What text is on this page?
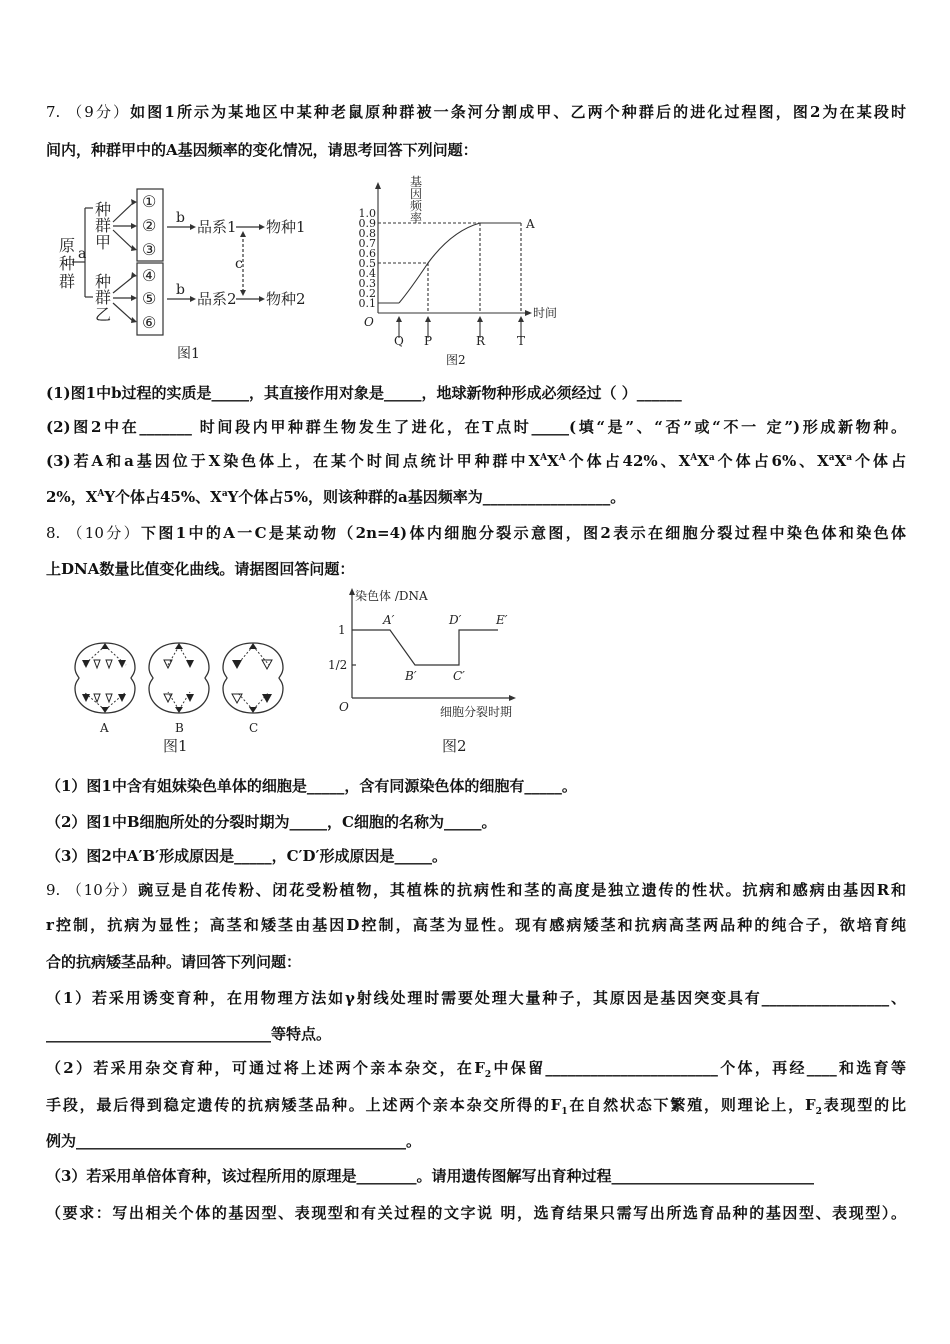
7. （9分）如图1所示为某地区中某种老鼠原种群被一条河分割成甲、乙两个种群后的进化过程图，图2为在某段时
间内，种群甲中的A基因频率的变化情况，请思考回答下列问题：
(1)图1中b过程的实质是_____，其直接作用对象是_____，地球新物种形成必须经过（ ）______
(2)图2中在_______ 时间段内甲种群生物发生了进化，在T点时_____(填“是”、“否”或“不一 定”)形成新物种。
(3)若A和a基因位于X染色体上，在某个时间点统计甲种群中$X^AX^A$个体占42%、$X^AX^a$个体占6%、$X^aX^a$个体占
2%，$X^AY$个体占45%、$X^aY$个体占5%，则该种群的a基因频率为_________________。
8. （10分）下图1中的A一C是某动物（2n=4)体内细胞分裂示意图，图2表示在细胞分裂过程中染色体和染色体
上DNA数量比值变化曲线。请据图回答问题：
（1）图1中含有姐妹染色单体的细胞是_____，含有同源染色体的细胞有_____。
（2）图1中B细胞所处的分裂时期为_____，C细胞的名称为_____。
（3）图2中A′B′形成原因是_____，C′D′形成原因是_____。
9. （10分）豌豆是自花传粉、闭花受粉植物，其植株的抗病性和茎的高度是独立遗传的性状。抗病和感病由基因R和
r控制，抗病为显性；高茎和矮茎由基因D控制，高茎为显性。现有感病矮茎和抗病高茎两品种的纯合子，欲培育纯
合的抗病矮茎品种。请回答下列问题：
（1）若采用诱变育种，在用物理方法如γ射线处理时需要处理大量种子，其原因是基因突变具有_________________、
______________________________等特点。
（2）若采用杂交育种，可通过将上述两个亲本杂交，在$F_2$中保留_______________________个体，再经____和选育等
手段，最后得到稳定遗传的抗病矮茎品种。上述两个亲本杂交所得的$F_1$在自然状态下繁殖，则理论上，$F_2$表现型的比
例为____________________________________________。
（3）若采用单倍体育种，该过程所用的原理是________。请用遗传图解写出育种过程___________________________
（要求：写出相关个体的基因型、表现型和有关过程的文字说 明，选育结果只需写出所选育品种的基因型、表现型）。
原
种
群
a
种
群
甲
种
群
乙
①
②
③
④
⑤
⑥
b
b
品系1
品系2
物种1
物种2
c
图1
基
因
频
率
时间
O
Q P	R	T
A
图2
0.1
0.2
0.3
0.4
0.5
0.6
0.7
0.8
0.9
1.0
A	B	C
图1
染色体 /DNA
1
1/2
O
A′
B′	C′
D′	E′
细胞分裂时期
图2
